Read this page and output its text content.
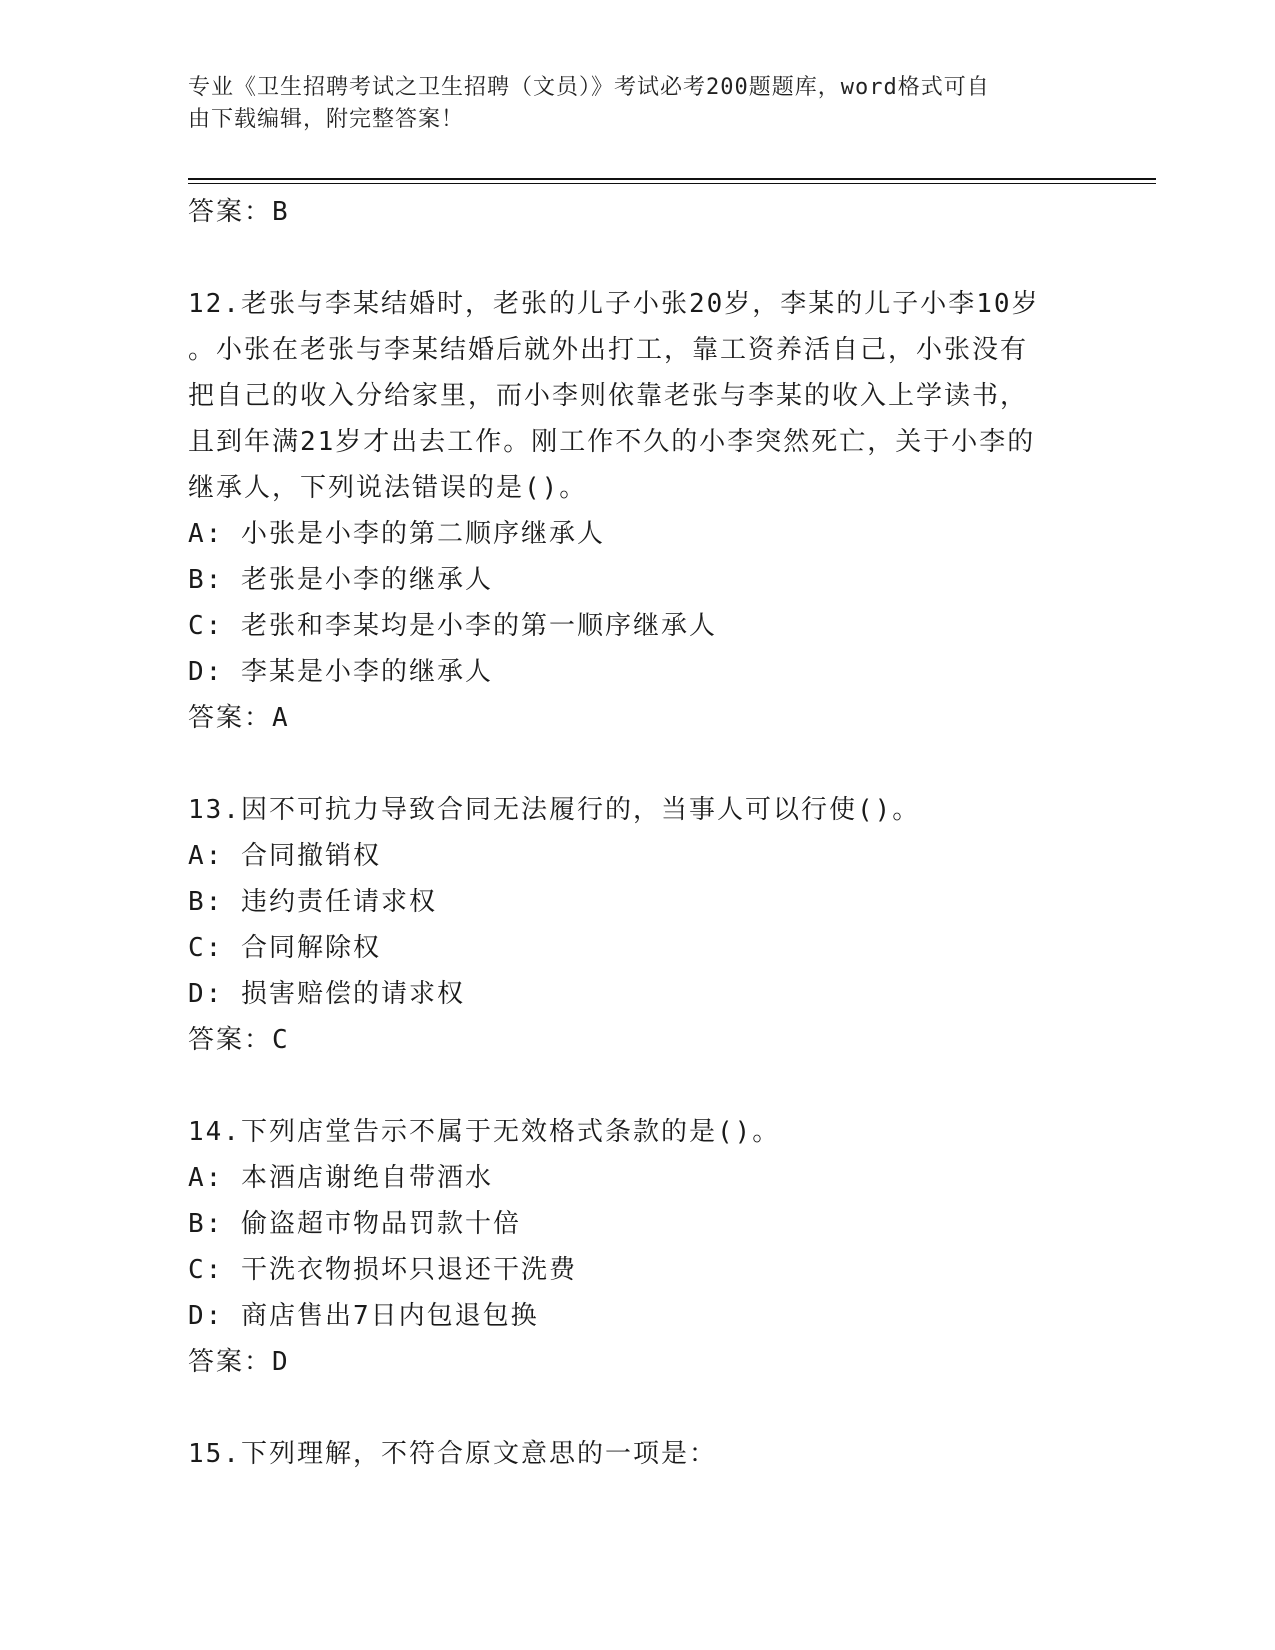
专业《卫生招聘考试之卫生招聘（文员）》考试必考200题题库，word格式可自
由下载编辑，附完整答案！

答案：B

12.老张与李某结婚时，老张的儿子小张20岁，李某的儿子小李10岁

。小张在老张与李某结婚后就外出打工，靠工资养活自己，小张没有

把自己的收入分给家里，而小李则依靠老张与李某的收入上学读书，

且到年满21岁才出去工作。刚工作不久的小李突然死亡，关于小李的

继承人，下列说法错误的是()。

A: 小张是小李的第二顺序继承人

B: 老张是小李的继承人

C: 老张和李某均是小李的第一顺序继承人

D: 李某是小李的继承人

答案：A

13.因不可抗力导致合同无法履行的，当事人可以行使()。

A: 合同撤销权

B: 违约责任请求权

C: 合同解除权

D: 损害赔偿的请求权

答案：C

14.下列店堂告示不属于无效格式条款的是()。

A: 本酒店谢绝自带酒水

B: 偷盗超市物品罚款十倍

C: 干洗衣物损坏只退还干洗费

D: 商店售出7日内包退包换

答案：D

15.下列理解，不符合原文意思的一项是：
